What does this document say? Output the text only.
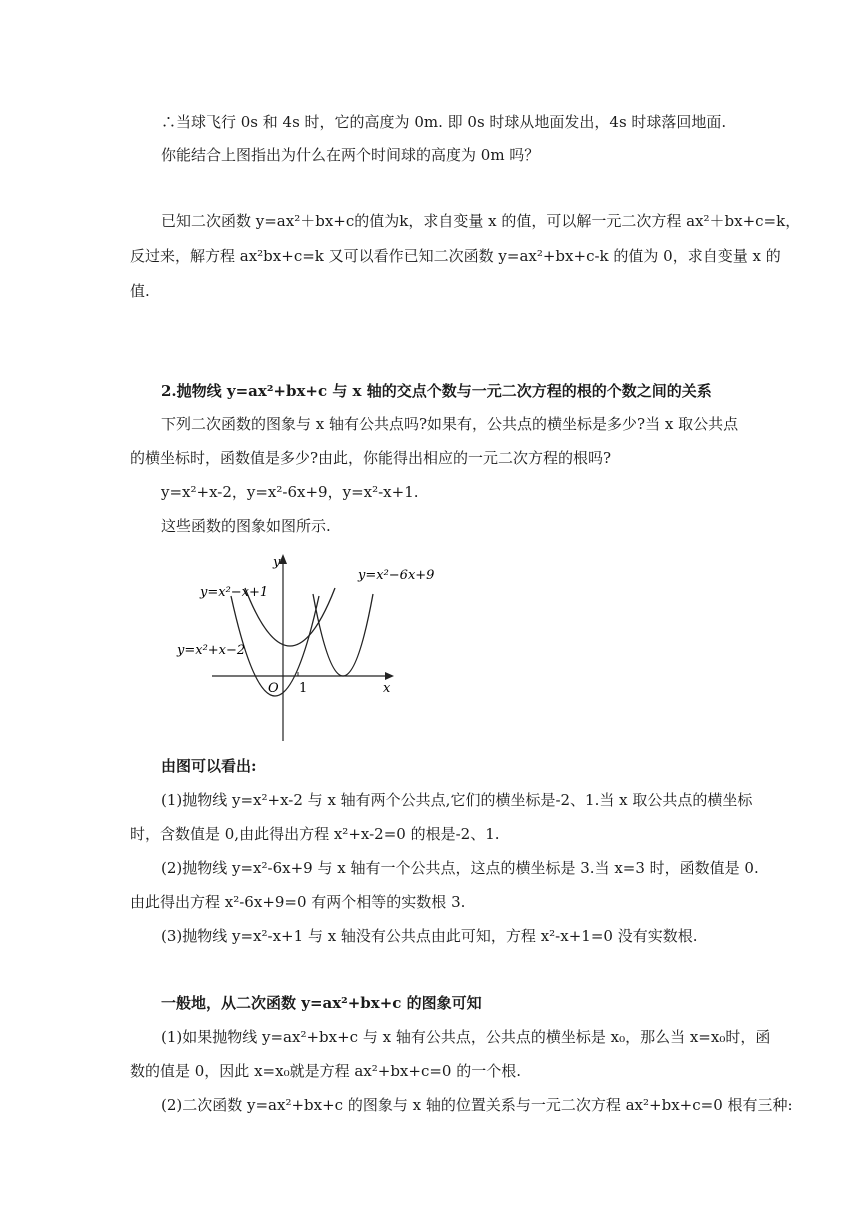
∴当球飞行 0s 和 4s 时，它的高度为 0m. 即 0s 时球从地面发出，4s 时球落回地面.
你能结合上图指出为什么在两个时间球的高度为 0m 吗？
已知二次函数 y=ax²＋bx+c的值为k，求自变量 x 的值，可以解一元二次方程 ax²＋bx+c=k，
反过来，解方程 ax²bx+c=k 又可以看作已知二次函数 y=ax²+bx+c-k 的值为 0，求自变量 x 的
值.
2.抛物线 y=ax²+bx+c 与 x 轴的交点个数与一元二次方程的根的个数之间的关系
下列二次函数的图象与 x 轴有公共点吗?如果有，公共点的横坐标是多少?当 x 取公共点
的横坐标时，函数值是多少?由此，你能得出相应的一元二次方程的根吗?
y=x²+x-2，y=x²-6x+9，y=x²-x+1.
这些函数的图象如图所示.
y
x
O 1
y=x²−x+1
y=x²+x−2
y=x²−6x+9
由图可以看出:
(1)抛物线 y=x²+x-2 与 x 轴有两个公共点,它们的横坐标是-2、1.当 x 取公共点的横坐标
时，含数值是 0,由此得出方程 x²+x-2=0 的根是-2、1.
(2)抛物线 y=x²-6x+9 与 x 轴有一个公共点，这点的横坐标是 3.当 x=3 时，函数值是 0.
由此得出方程 x²-6x+9=0 有两个相等的实数根 3.
(3)抛物线 y=x²-x+1 与 x 轴没有公共点由此可知，方程 x²-x+1=0 没有实数根.
一般地，从二次函数 y=ax²+bx+c 的图象可知
(1)如果抛物线 y=ax²+bx+c 与 x 轴有公共点，公共点的横坐标是 x₀，那么当 x=x₀时，函
数的值是 0，因此 x=x₀就是方程 ax²+bx+c=0 的一个根.
(2)二次函数 y=ax²+bx+c 的图象与 x 轴的位置关系与一元二次方程 ax²+bx+c=0 根有三种:
